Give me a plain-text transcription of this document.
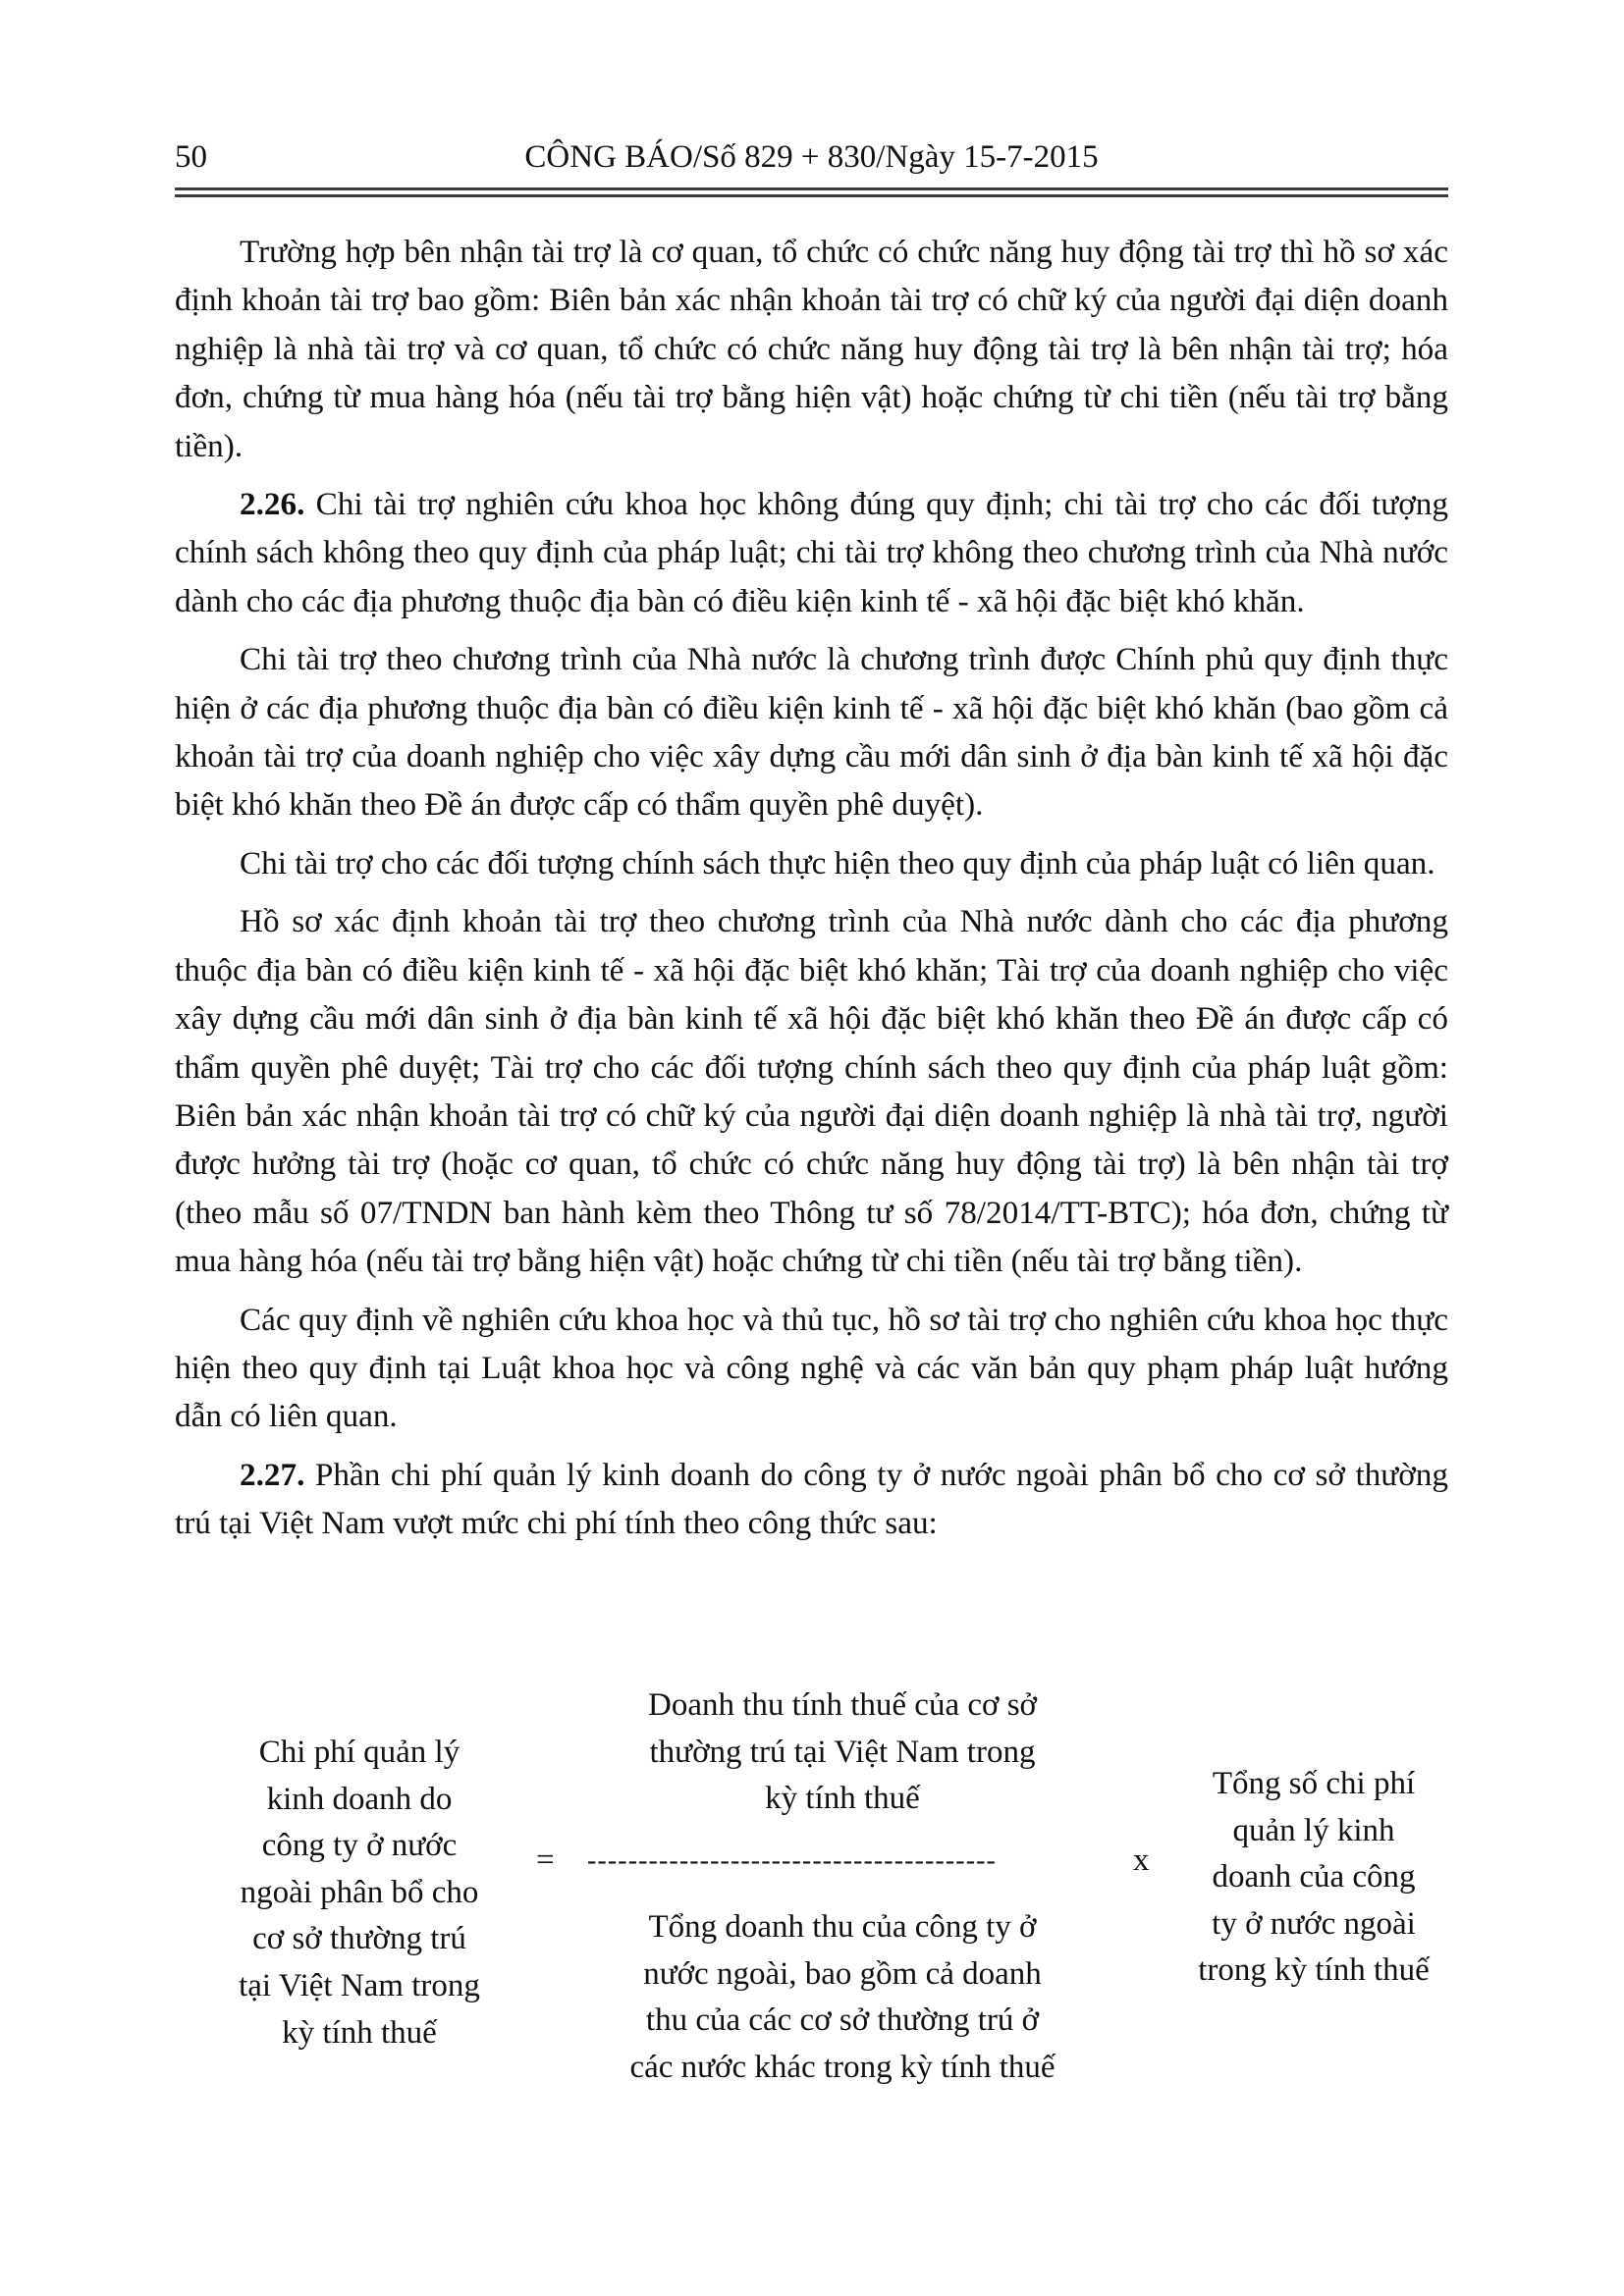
50	CÔNG BÁO/Số 829 + 830/Ngày 15-7-2015

Trường hợp bên nhận tài trợ là cơ quan, tổ chức có chức năng huy động tài trợ thì hồ sơ xác định khoản tài trợ bao gồm: Biên bản xác nhận khoản tài trợ có chữ ký của người đại diện doanh nghiệp là nhà tài trợ và cơ quan, tổ chức có chức năng huy động tài trợ là bên nhận tài trợ; hóa đơn, chứng từ mua hàng hóa (nếu tài trợ bằng hiện vật) hoặc chứng từ chi tiền (nếu tài trợ bằng tiền).

2.26. Chi tài trợ nghiên cứu khoa học không đúng quy định; chi tài trợ cho các đối tượng chính sách không theo quy định của pháp luật; chi tài trợ không theo chương trình của Nhà nước dành cho các địa phương thuộc địa bàn có điều kiện kinh tế - xã hội đặc biệt khó khăn.

Chi tài trợ theo chương trình của Nhà nước là chương trình được Chính phủ quy định thực hiện ở các địa phương thuộc địa bàn có điều kiện kinh tế - xã hội đặc biệt khó khăn (bao gồm cả khoản tài trợ của doanh nghiệp cho việc xây dựng cầu mới dân sinh ở địa bàn kinh tế xã hội đặc biệt khó khăn theo Đề án được cấp có thẩm quyền phê duyệt).

Chi tài trợ cho các đối tượng chính sách thực hiện theo quy định của pháp luật có liên quan.

Hồ sơ xác định khoản tài trợ theo chương trình của Nhà nước dành cho các địa phương thuộc địa bàn có điều kiện kinh tế - xã hội đặc biệt khó khăn; Tài trợ của doanh nghiệp cho việc xây dựng cầu mới dân sinh ở địa bàn kinh tế xã hội đặc biệt khó khăn theo Đề án được cấp có thẩm quyền phê duyệt; Tài trợ cho các đối tượng chính sách theo quy định của pháp luật gồm: Biên bản xác nhận khoản tài trợ có chữ ký của người đại diện doanh nghiệp là nhà tài trợ, người được hưởng tài trợ (hoặc cơ quan, tổ chức có chức năng huy động tài trợ) là bên nhận tài trợ (theo mẫu số 07/TNDN ban hành kèm theo Thông tư số 78/2014/TT-BTC); hóa đơn, chứng từ mua hàng hóa (nếu tài trợ bằng hiện vật) hoặc chứng từ chi tiền (nếu tài trợ bằng tiền).

Các quy định về nghiên cứu khoa học và thủ tục, hồ sơ tài trợ cho nghiên cứu khoa học thực hiện theo quy định tại Luật khoa học và công nghệ và các văn bản quy phạm pháp luật hướng dẫn có liên quan.

2.27. Phần chi phí quản lý kinh doanh do công ty ở nước ngoài phân bổ cho cơ sở thường trú tại Việt Nam vượt mức chi phí tính theo công thức sau:

Chi phí quản lý
kinh doanh do
công ty ở nước
ngoài phân bổ cho
cơ sở thường trú
tại Việt Nam trong
kỳ tính thuế
=
Doanh thu tính thuế của cơ sở
thường trú tại Việt Nam trong
kỳ tính thuế
----------------------------------------
Tổng doanh thu của công ty ở
nước ngoài, bao gồm cả doanh
thu của các cơ sở thường trú ở
các nước khác trong kỳ tính thuế
x
Tổng số chi phí
quản lý kinh
doanh của công
ty ở nước ngoài
trong kỳ tính thuế
